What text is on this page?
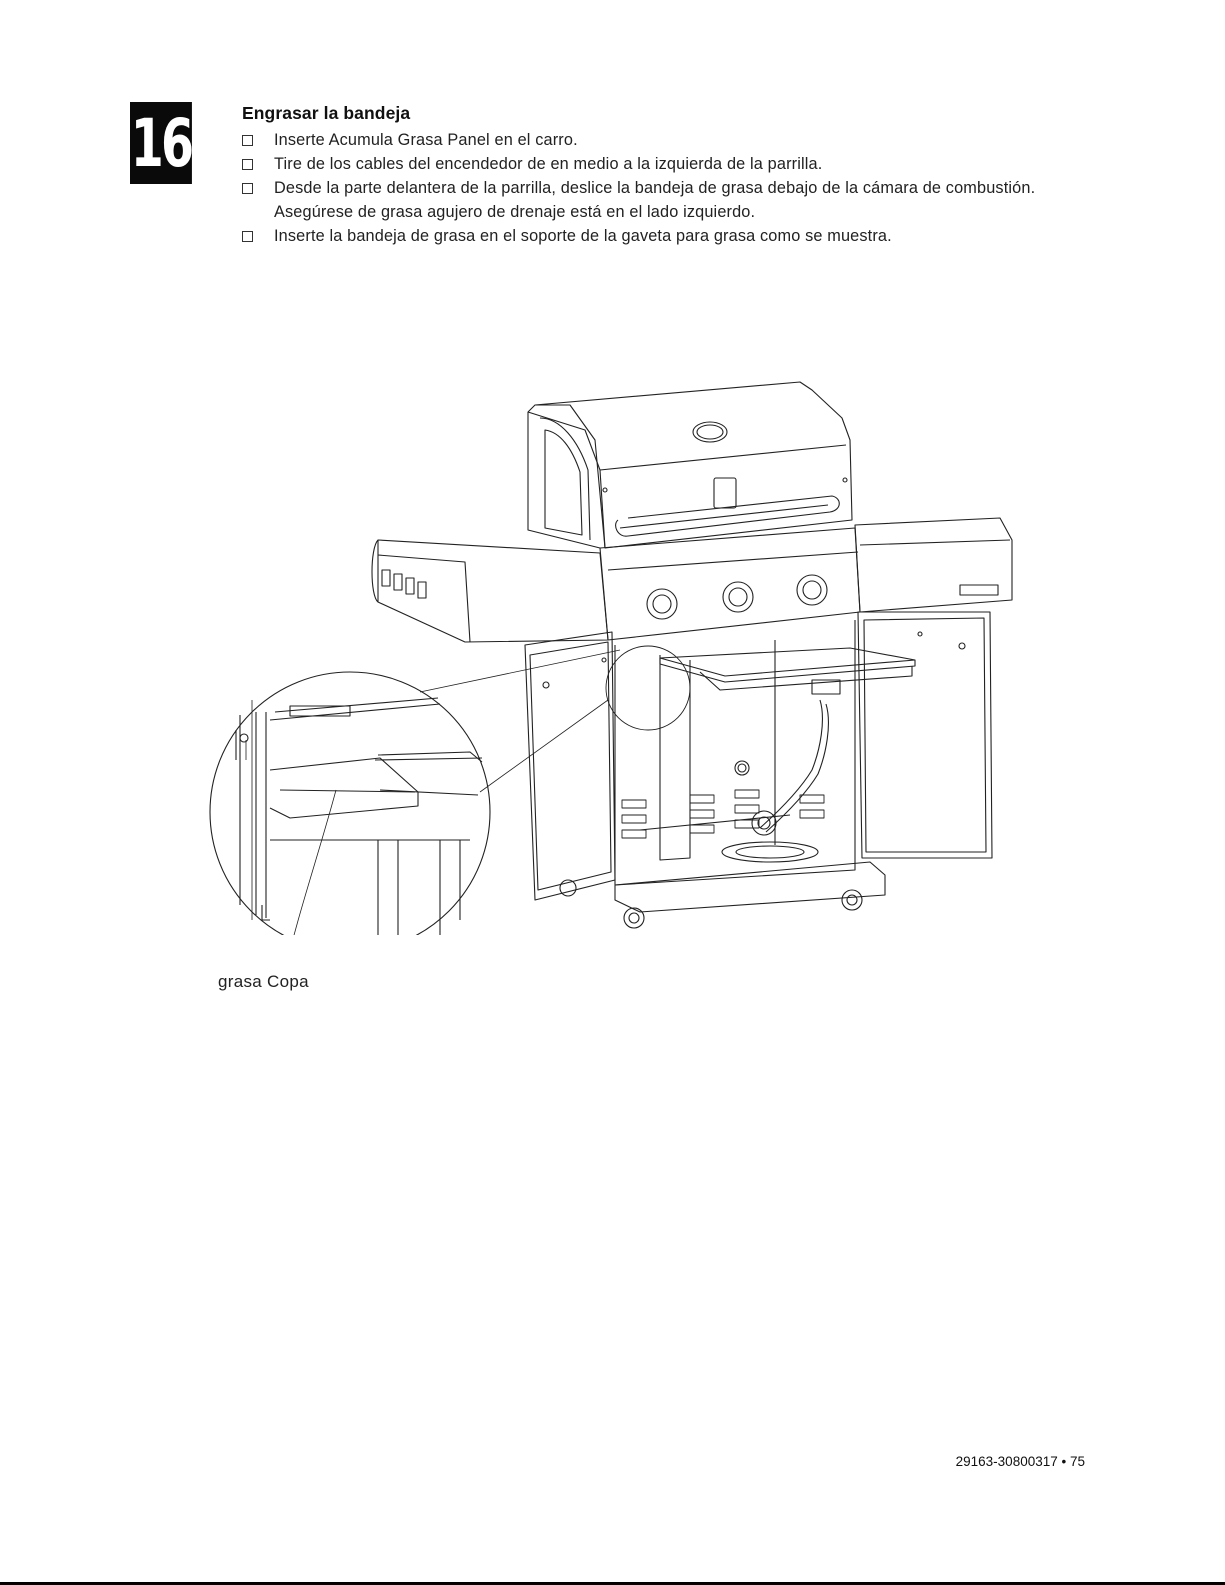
16	Engrasar la bandeja
Inserte Acumula Grasa Panel en el carro.
Tire de los cables del encendedor de en medio a la izquierda de la parrilla.
Desde la parte delantera de la parrilla, deslice la bandeja de grasa debajo de la cámara de combustión. Asegúrese de grasa agujero de drenaje está en el lado izquierdo.
Inserte la bandeja de grasa en el soporte de la gaveta para grasa como se muestra.
grasa Copa
29163-30800317 • 75
